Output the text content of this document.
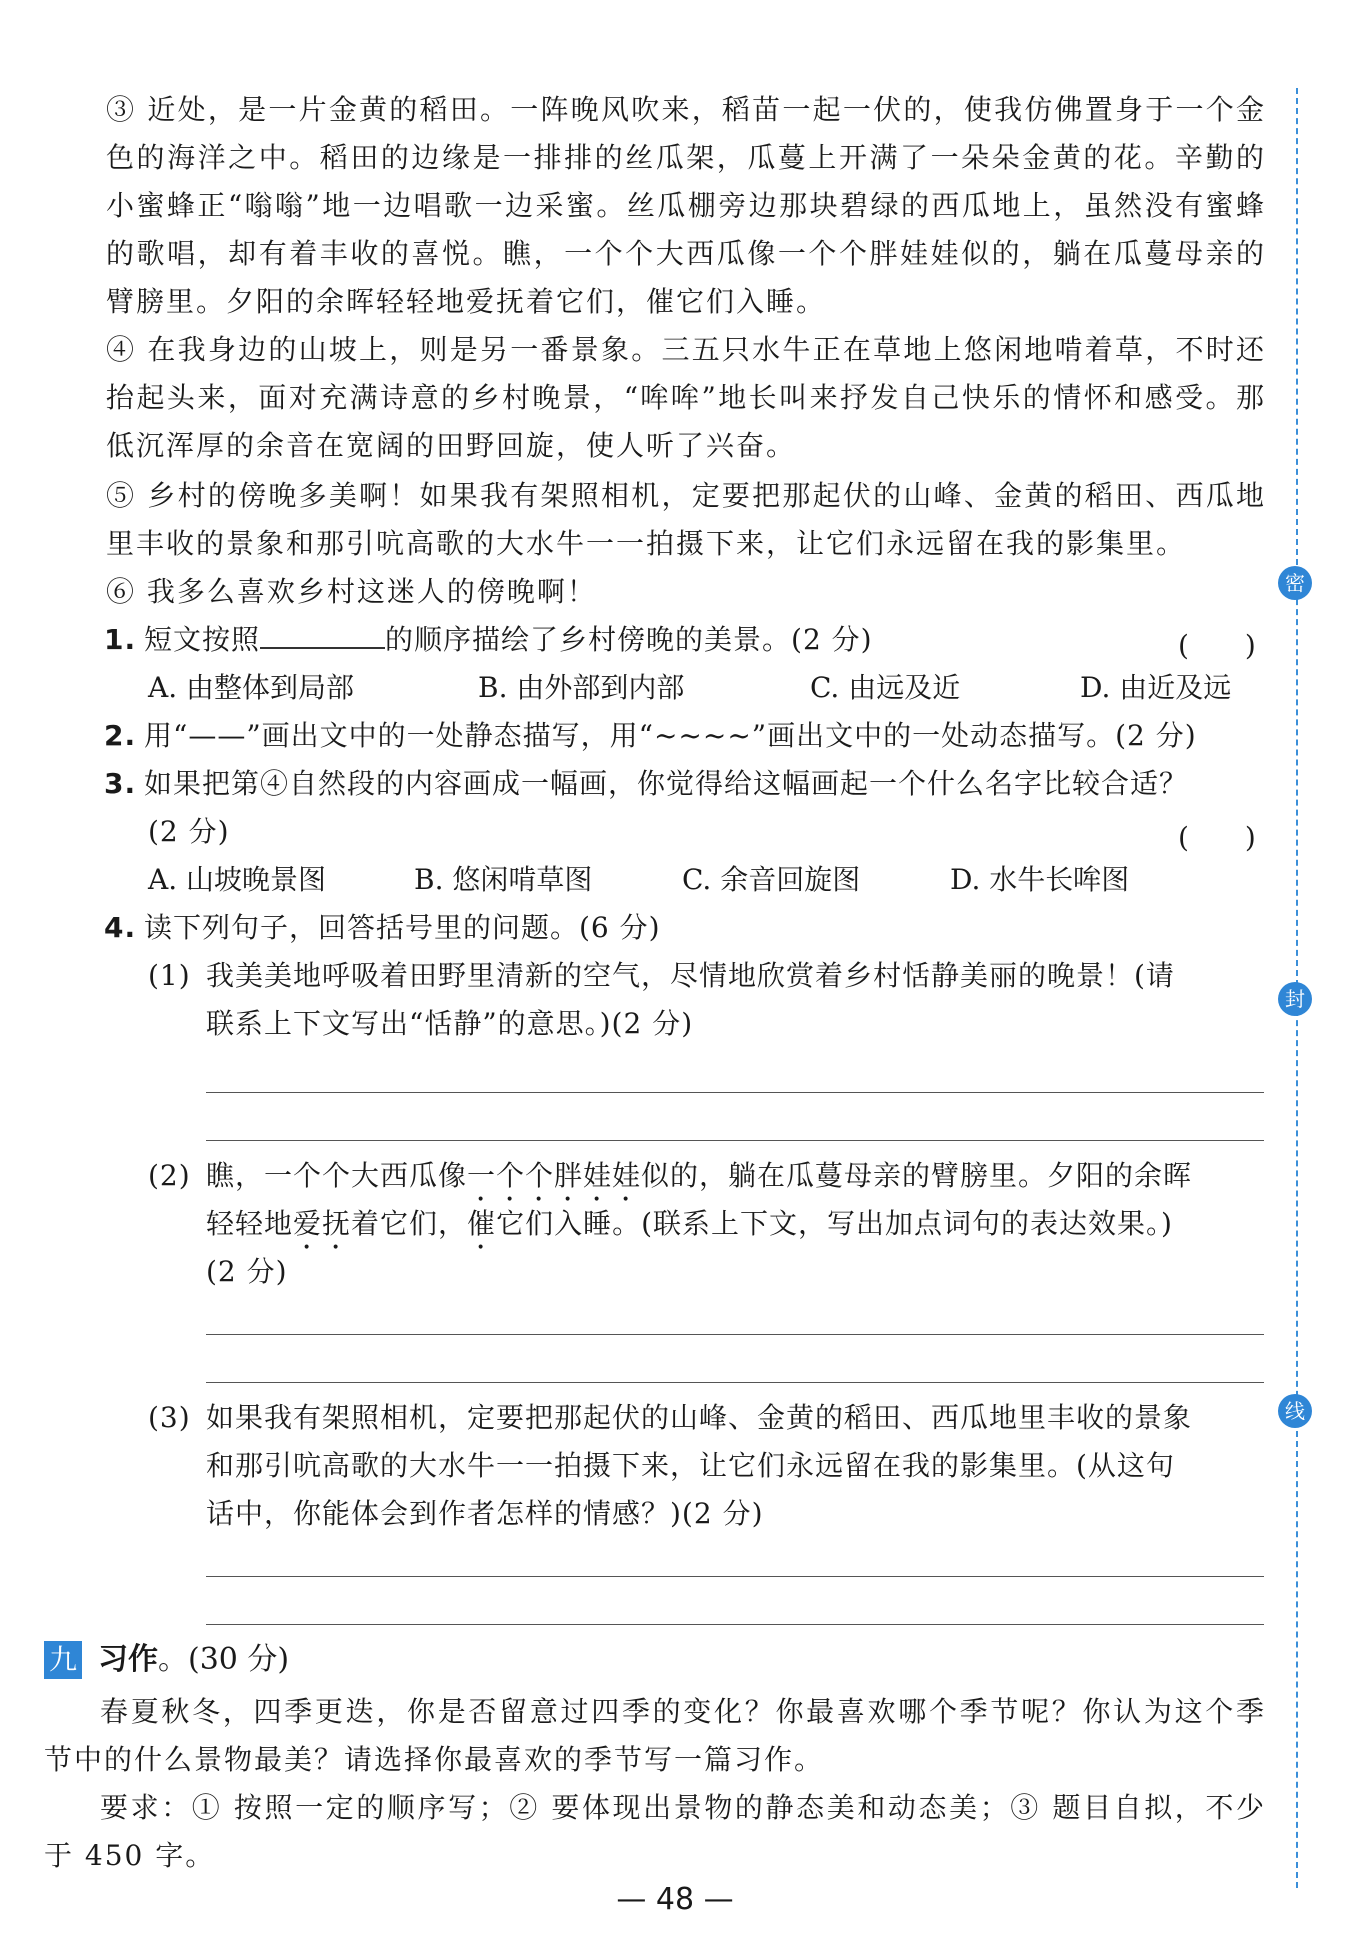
密
封
线

③ 近处，是一片金黄的稻田。一阵晚风吹来，稻苗一起一伏的，使我仿佛置身于一个金色的海洋之中。稻田的边缘是一排排的丝瓜架，瓜蔓上开满了一朵朵金黄的花。辛勤的小蜜蜂正“嗡嗡”地一边唱歌一边采蜜。丝瓜棚旁边那块碧绿的西瓜地上，虽然没有蜜蜂的歌唱，却有着丰收的喜悦。瞧，一个个大西瓜像一个个胖娃娃似的，躺在瓜蔓母亲的臂膀里。夕阳的余晖轻轻地爱抚着它们，催它们入睡。

④ 在我身边的山坡上，则是另一番景象。三五只水牛正在草地上悠闲地啃着草，不时还抬起头来，面对充满诗意的乡村晚景，“哞哞”地长叫来抒发自己快乐的情怀和感受。那低沉浑厚的余音在宽阔的田野回旋，使人听了兴奋。

⑤ 乡村的傍晚多美啊！如果我有架照相机，定要把那起伏的山峰、金黄的稻田、西瓜地里丰收的景象和那引吭高歌的大水牛一一拍摄下来，让它们永远留在我的影集里。

⑥ 我多么喜欢乡村这迷人的傍晚啊！

1. 短文按照	的顺序描绘了乡村傍晚的美景。(2 分)	(　　)
A. 由整体到局部	B. 由外部到内部	C. 由远及近	D. 由近及远
2. 用“——”画出文中的一处静态描写，用“~~~~”画出文中的一处动态描写。(2 分)
3. 如果把第④自然段的内容画成一幅画，你觉得给这幅画起一个什么名字比较合适？
(2 分)	(　　)
A. 山坡晚景图	B. 悠闲啃草图	C. 余音回旋图	D. 水牛长哞图
4. 读下列句子，回答括号里的问题。(6 分)
(1) 我美美地呼吸着田野里清新的空气，尽情地欣赏着乡村恬静美丽的晚景！(请
联系上下文写出“恬静”的意思。)(2 分)
(2) 瞧，一个个大西瓜像一个个胖娃娃似的，躺在瓜蔓母亲的臂膀里。夕阳的余晖
轻轻地爱抚着它们，催它们入睡。(联系上下文，写出加点词句的表达效果。)
(2 分)
(3) 如果我有架照相机，定要把那起伏的山峰、金黄的稻田、西瓜地里丰收的景象
和那引吭高歌的大水牛一一拍摄下来，让它们永远留在我的影集里。(从这句
话中，你能体会到作者怎样的情感？)(2 分)
九 习作。(30 分)

春夏秋冬，四季更迭，你是否留意过四季的变化？你最喜欢哪个季节呢？你认为这个季节中的什么景物最美？请选择你最喜欢的季节写一篇习作。

要求：① 按照一定的顺序写；② 要体现出景物的静态美和动态美；③ 题目自拟，不少于 450 字。

— 48 —
